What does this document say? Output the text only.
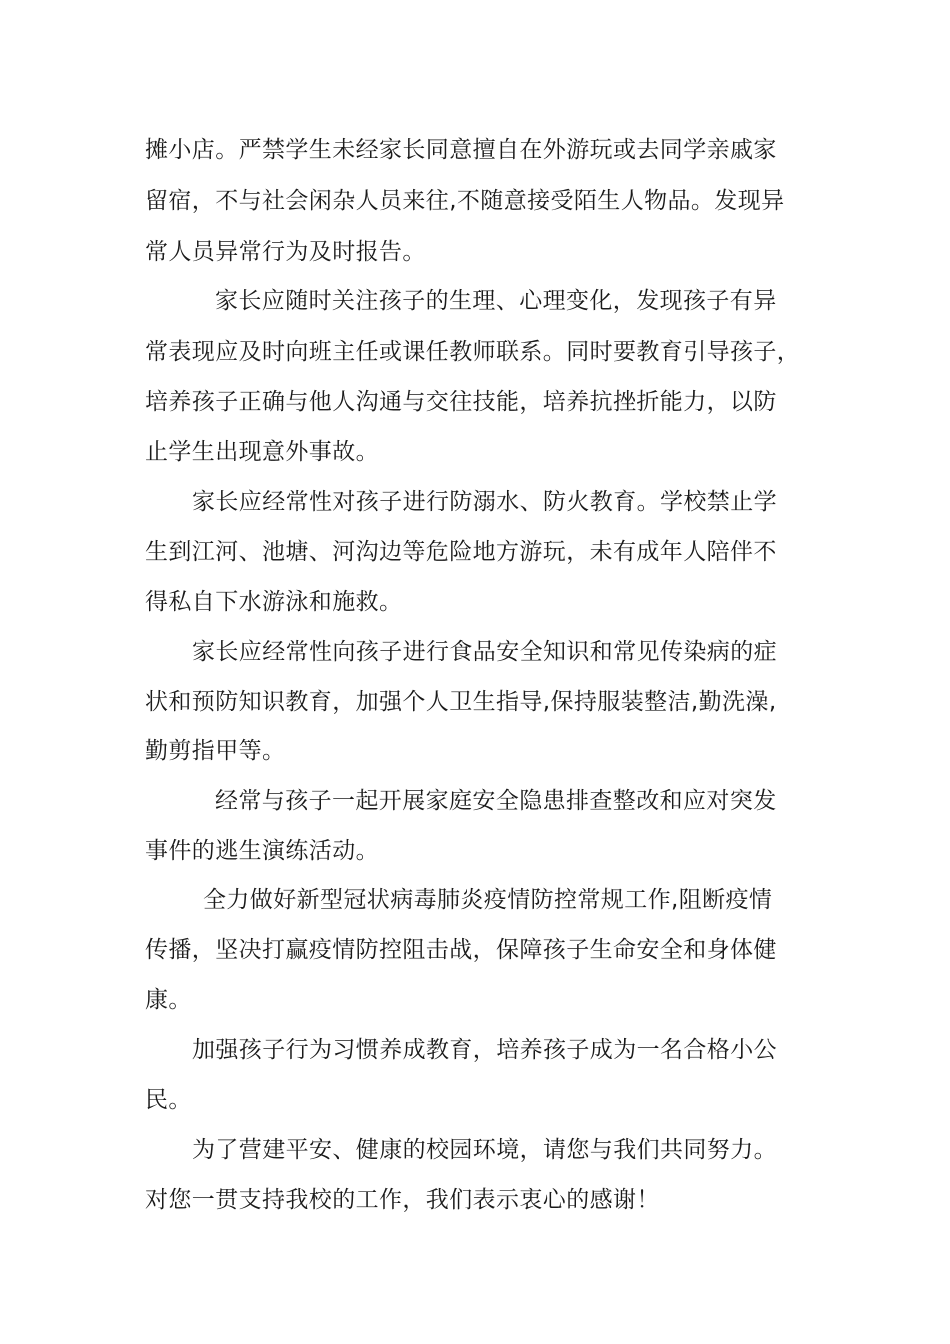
摊小店。严禁学生未经家长同意擅自在外游玩或去同学亲戚家

留宿，不与社会闲杂人员来往,不随意接受陌生人物品。发现异

常人员异常行为及时报告。

家长应随时关注孩子的生理、心理变化，发现孩子有异

常表现应及时向班主任或课任教师联系。同时要教育引导孩子，

培养孩子正确与他人沟通与交往技能，培养抗挫折能力，以防

止学生出现意外事故。

家长应经常性对孩子进行防溺水、防火教育。学校禁止学

生到江河、池塘、河沟边等危险地方游玩，未有成年人陪伴不

得私自下水游泳和施救。

家长应经常性向孩子进行食品安全知识和常见传染病的症

状和预防知识教育，加强个人卫生指导,保持服装整洁,勤洗澡,

勤剪指甲等。

经常与孩子一起开展家庭安全隐患排查整改和应对突发

事件的逃生演练活动。

全力做好新型冠状病毒肺炎疫情防控常规工作,阻断疫情

传播，坚决打赢疫情防控阻击战，保障孩子生命安全和身体健

康。

加强孩子行为习惯养成教育，培养孩子成为一名合格小公

民。

为了营建平安、健康的校园环境，请您与我们共同努力。

对您一贯支持我校的工作，我们表示衷心的感谢！
